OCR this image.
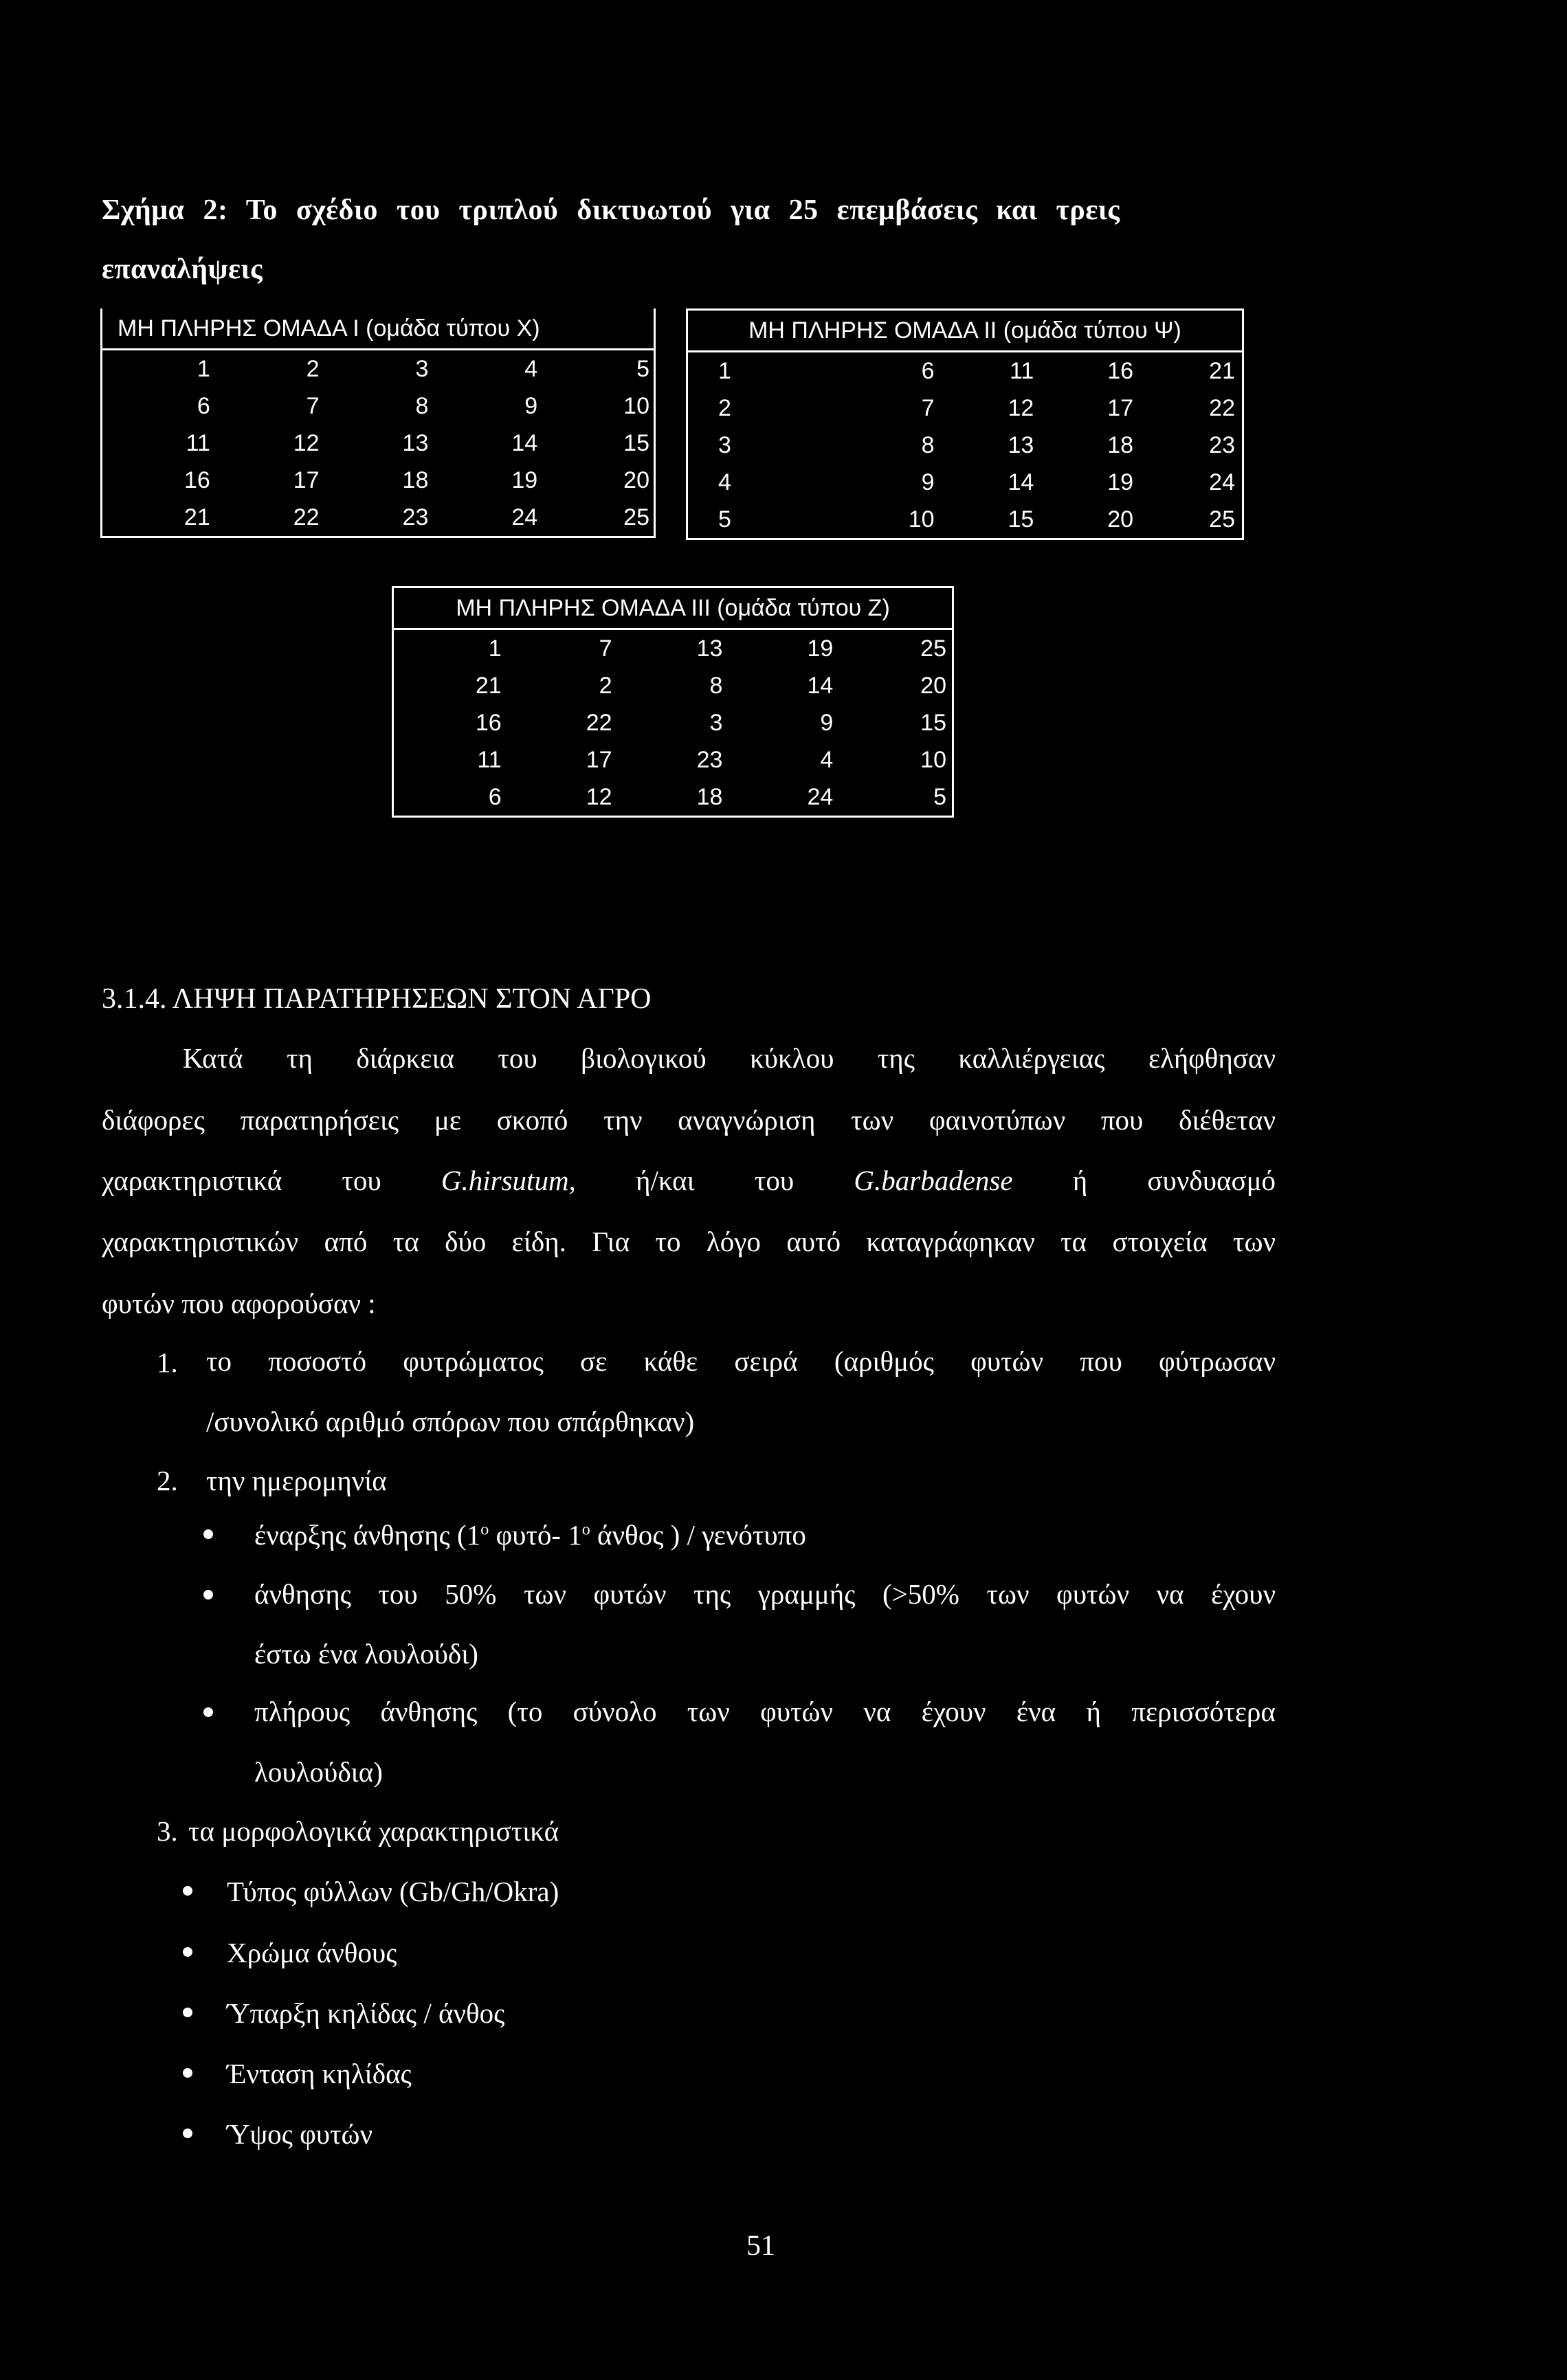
Σχήμα 2: Το σχέδιο του τριπλού δικτυωτού για 25 επεμβάσεις και τρεις
επαναλήψεις
ΜΗ ΠΛΗΡΗΣ ΟΜΑΔΑ I (ομάδα τύπου Χ)				
1	2	3	4	5
6	7	8	9	10
11	12	13	14	15
16	17	18	19	20
21	22	23	24	25
ΜΗ ΠΛΗΡΗΣ ΟΜΑΔΑ II (ομάδα τύπου Ψ)				
1	6	11	16	21
2	7	12	17	22
3	8	13	18	23
4	9	14	19	24
5	10	15	20	25
ΜΗ ΠΛΗΡΗΣ ΟΜΑΔΑ III (ομάδα τύπου Ζ)				
1	7	13	19	25
21	2	8	14	20
16	22	3	9	15
11	17	23	4	10
6	12	18	24	5
3.1.4. ΛΗΨΗ ΠΑΡΑΤΗΡΗΣΕΩΝ ΣΤΟΝ ΑΓΡΟ
Κατά τη διάρκεια του βιολογικού κύκλου της καλλιέργειας ελήφθησαν
διάφορες παρατηρήσεις με σκοπό την αναγνώριση των φαινοτύπων που διέθεταν
χαρακτηριστικά του G.hirsutum, ή/και του G.barbadense ή συνδυασμό
χαρακτηριστικών από τα δύο είδη. Για το λόγο αυτό καταγράφηκαν τα στοιχεία των
φυτών που αφορούσαν :
1. το ποσοστό φυτρώματος σε κάθε σειρά (αριθμός φυτών που φύτρωσαν
/συνολικό αριθμό σπόρων που σπάρθηκαν)
2. την ημερομηνία
έναρξης άνθησης ($1^o$ φυτό- $1^o$ άνθος ) / γενότυπο
άνθησης του 50% των φυτών της γραμμής (>50% των φυτών να έχουν
έστω ένα λουλούδι)
πλήρους άνθησης (το σύνολο των φυτών να έχουν ένα ή περισσότερα
λουλούδια)
3. τα μορφολογικά χαρακτηριστικά
Τύπος φύλλων (Gb/Gh/Okra)
Χρώμα άνθους
Ύπαρξη κηλίδας / άνθος
Ένταση κηλίδας
Ύψος φυτών
51
